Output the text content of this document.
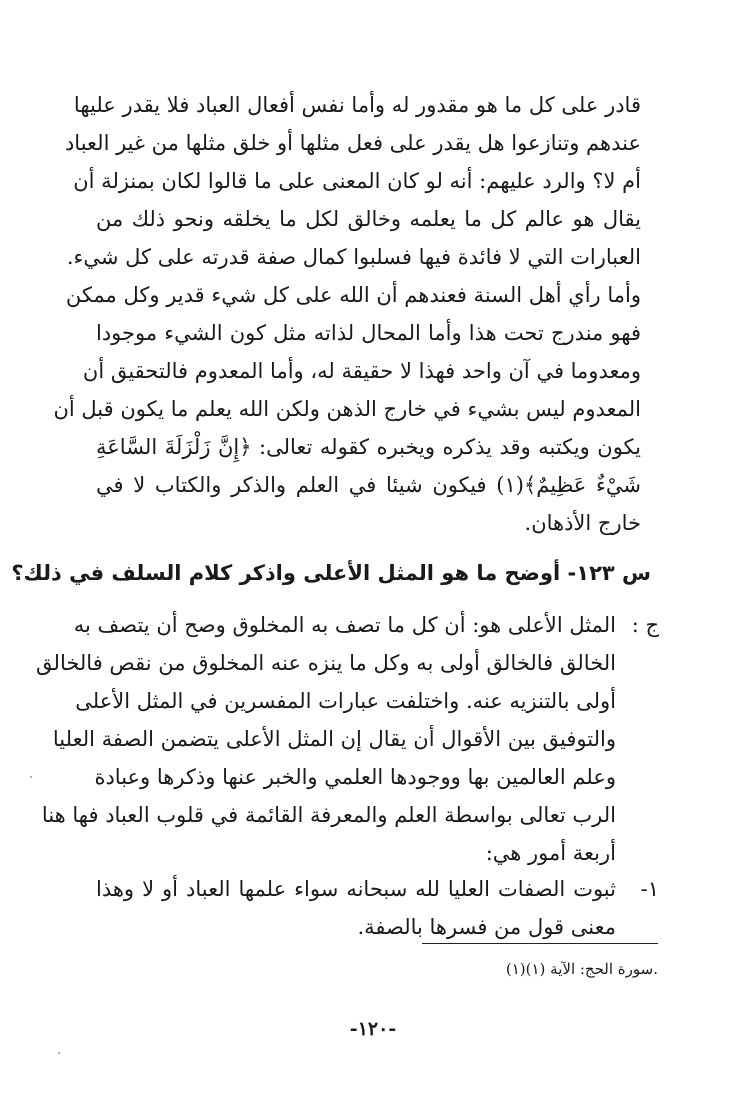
قادر على كل ما هو مقدور له وأما نفس أفعال العباد فلا يقدر عليها
عندهم وتنازعوا هل يقدر على فعل مثلها أو خلق مثلها من غير العباد
أم لا؟ والرد عليهم: أنه لو كان المعنى على ما قالوا لكان بمنزلة أن
يقال هو عالم كل ما يعلمه وخالق لكل ما يخلقه ونحو ذلك من
العبارات التي لا فائدة فيها فسلبوا كمال صفة قدرته على كل شيء.
وأما رأي أهل السنة فعندهم أن الله على كل شيء قدير وكل ممكن
فهو مندرج تحت هذا وأما المحال لذاته مثل كون الشيء موجودا
ومعدوما في آن واحد فهذا لا حقيقة له، وأما المعدوم فالتحقيق أن
المعدوم ليس بشيء في خارج الذهن ولكن الله يعلم ما يكون قبل أن
يكون ويكتبه وقد يذكره ويخبره كقوله تعالى: ﴿إِنَّ زَلْزَلَةَ السَّاعَةِ
شَيْءٌ عَظِيمٌ﴾(١) فيكون شيئا في العلم والذكر والكتاب لا في
خارج الأذهان.
س ١٢٣- أوضح ما هو المثل الأعلى واذكر كلام السلف في ذلك؟
ج :
المثل الأعلى هو: أن كل ما تصف به المخلوق وصح أن يتصف به
الخالق فالخالق أولى به وكل ما ينزه عنه المخلوق من نقص فالخالق
أولى بالتنزيه عنه. واختلفت عبارات المفسرين في المثل الأعلى
والتوفيق بين الأقوال أن يقال إن المثل الأعلى يتضمن الصفة العليا
وعلم العالمين بها ووجودها العلمي والخبر عنها وذكرها وعبادة
الرب تعالى بواسطة العلم والمعرفة القائمة في قلوب العباد فها هنا
أربعة أمور هي:
١-
ثبوت الصفات العليا لله سبحانه سواء علمها العباد أو لا وهذا
معنى قول من فسرها بالصفة.
(١)سورة الحج: الآية (١).
-١٢٠-
